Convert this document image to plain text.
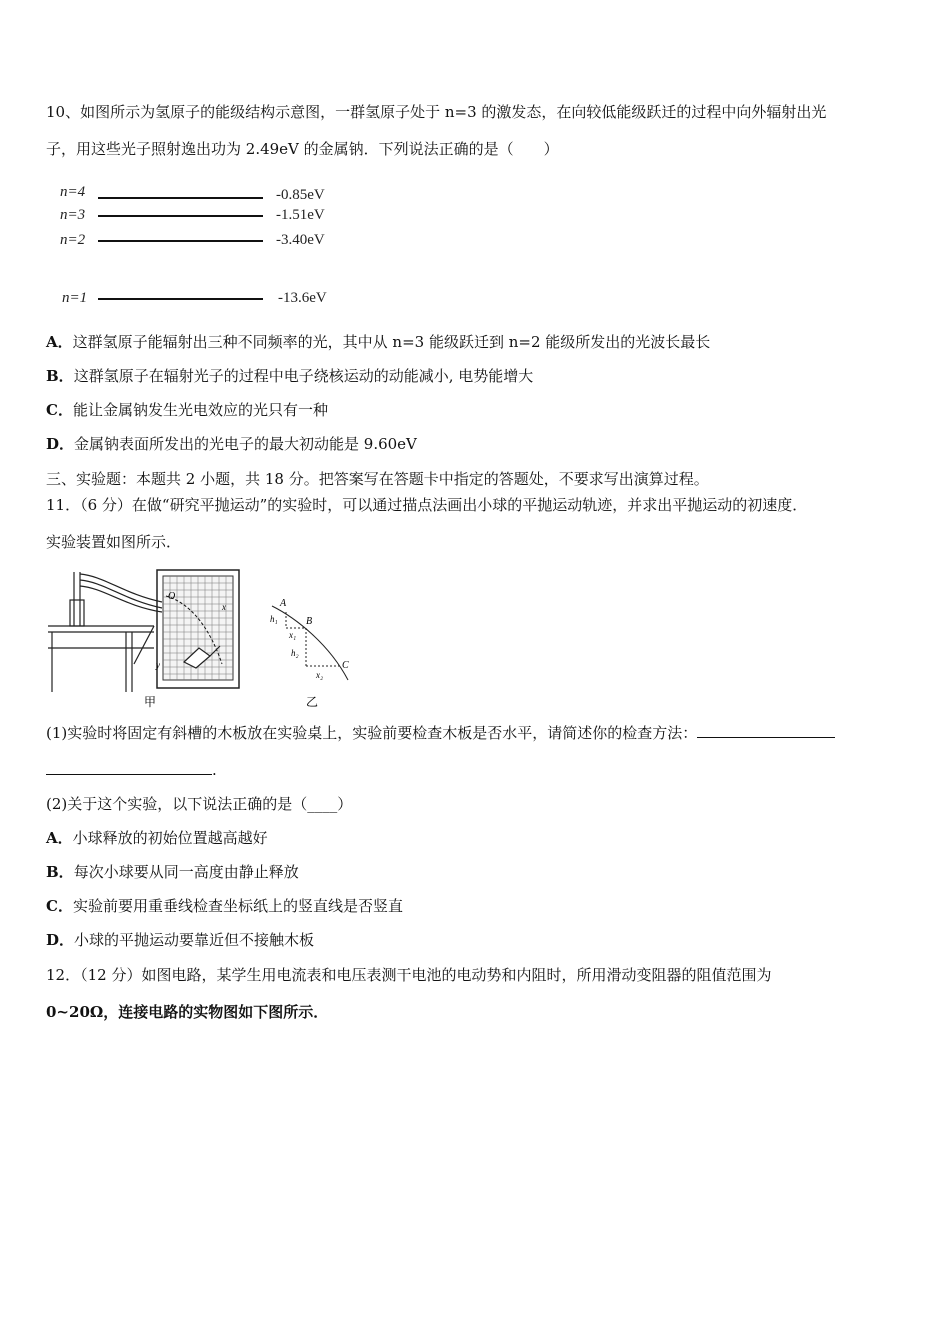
10、如图所示为氢原子的能级结构示意图，一群氢原子处于 n=3 的激发态，在向较低能级跃迁的过程中向外辐射出光
子，用这些光子照射逸出功为 2.49eV 的金属钠．下列说法正确的是（　　）
n=4	-0.85eV
n=3	-1.51eV
n=2	-3.40eV
n=1	-13.6eV
A．这群氢原子能辐射出三种不同频率的光，其中从 n=3 能级跃迁到 n=2 能级所发出的光波长最长
B．这群氢原子在辐射光子的过程中电子绕核运动的动能减小, 电势能增大
C．能让金属钠发生光电效应的光只有一种
D．金属钠表面所发出的光电子的最大初动能是 9.60eV
三、实验题：本题共 2 小题，共 18 分。把答案写在答题卡中指定的答题处，不要求写出演算过程。
11．（6 分）在做“研究平抛运动”的实验时，可以通过描点法画出小球的平抛运动轨迹，并求出平抛运动的初速度．
实验装置如图所示．
O
x
y
甲
A
B
C
h₁
x₁
h₂
x₂
乙
(1)实验时将固定有斜槽的木板放在实验桌上，实验前要检查木板是否水平，请简述你的检查方法：
.
(2)关于这个实验，以下说法正确的是（____）
A．小球释放的初始位置越高越好
B．每次小球要从同一高度由静止释放
C．实验前要用重垂线检查坐标纸上的竖直线是否竖直
D．小球的平抛运动要靠近但不接触木板
12．（12 分）如图电路，某学生用电流表和电压表测干电池的电动势和内阻时，所用滑动变阻器的阻值范围为
0~20Ω，连接电路的实物图如下图所示．
